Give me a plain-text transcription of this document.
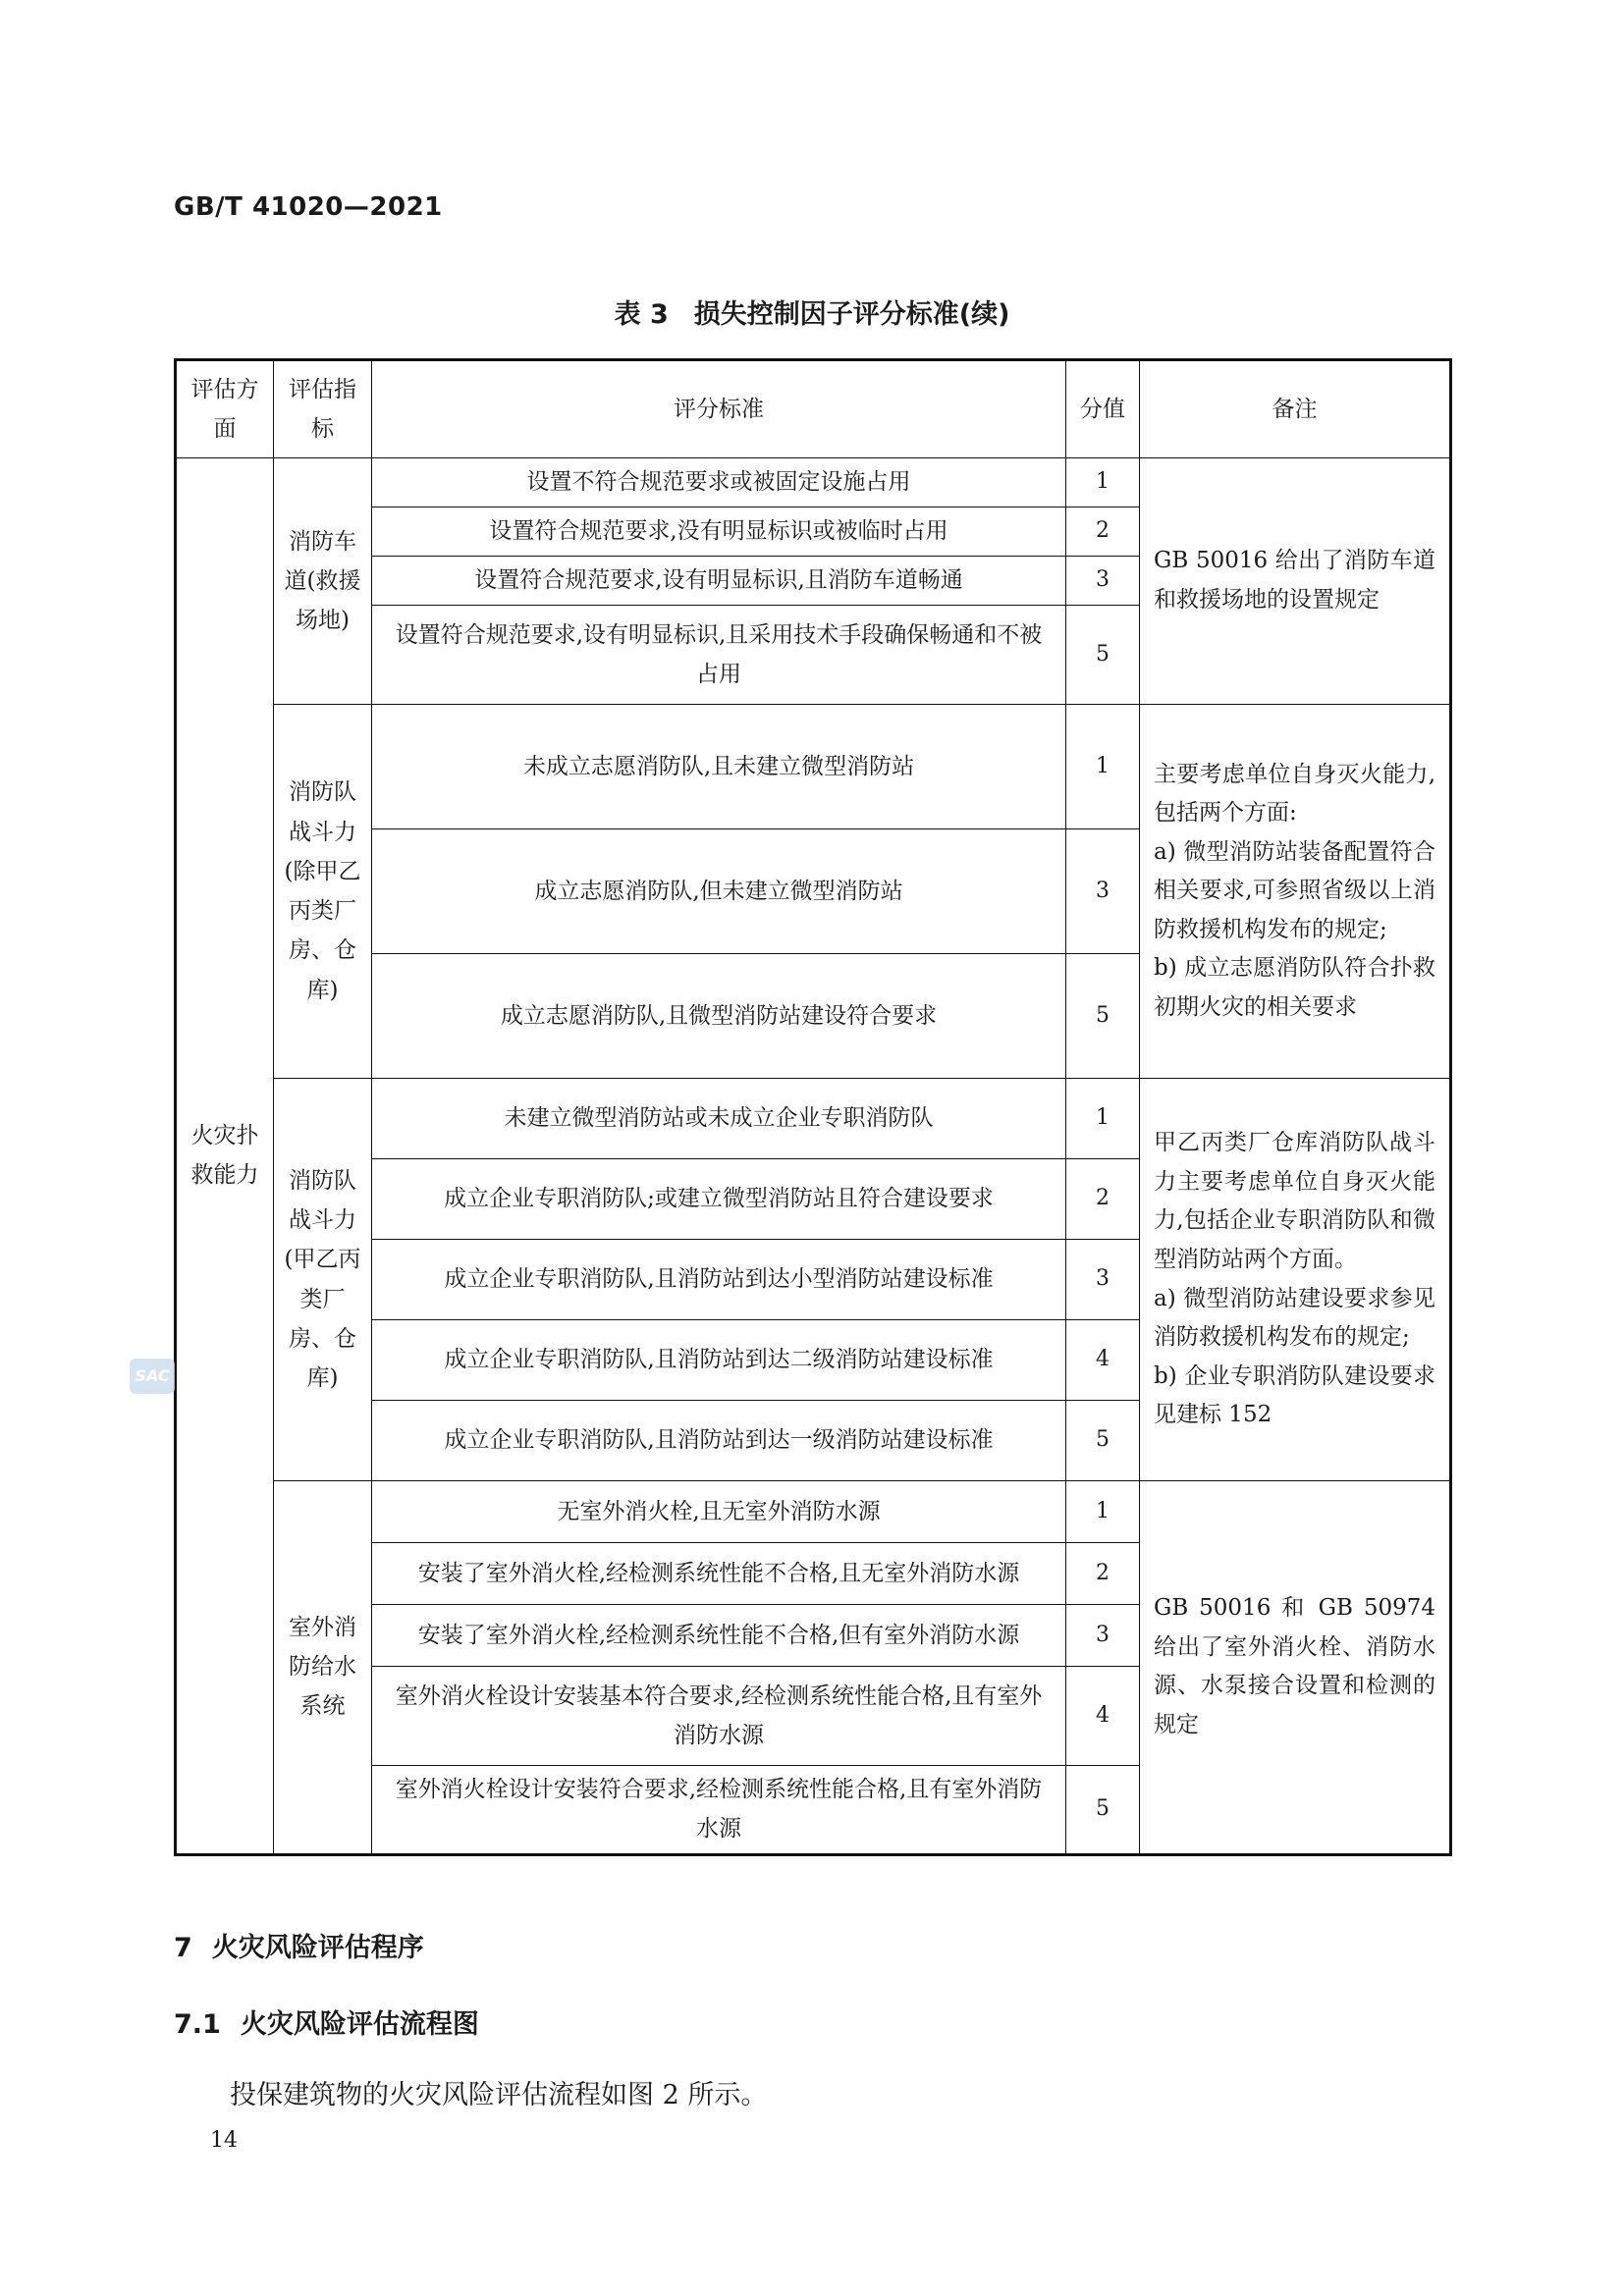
GB/T 41020—2021
表 3 损失控制因子评分标准(续)
评估方面	评估指标	评分标准	分值	备注
火灾扑救能力	消防车道(救援场地)	设置不符合规范要求或被固定设施占用	1	GB 50016 给出了消防车道和救援场地的设置规定

		设置符合规范要求,没有明显标识或被临时占用	2	
		设置符合规范要求,设有明显标识,且消防车道畅通	3	
		设置符合规范要求,设有明显标识,且采用技术手段确保畅通和不被占用	5	
	消防队战斗力(除甲乙丙类厂房、仓库)	未成立志愿消防队,且未建立微型消防站	1	主要考虑单位自身灭火能力,包括两个方面:
a) 微型消防站装备配置符合相关要求,可参照省级以上消防救援机构发布的规定;
b) 成立志愿消防队符合扑救初期火灾的相关要求

		成立志愿消防队,但未建立微型消防站	3	
		成立志愿消防队,且微型消防站建设符合要求	5	
	消防队战斗力(甲乙丙类厂房、仓库)	未建立微型消防站或未成立企业专职消防队	1	甲乙丙类厂仓库消防队战斗力主要考虑单位自身灭火能力,包括企业专职消防队和微型消防站两个方面。
a) 微型消防站建设要求参见消防救援机构发布的规定;
b) 企业专职消防队建设要求见建标 152

		成立企业专职消防队;或建立微型消防站且符合建设要求	2	
		成立企业专职消防队,且消防站到达小型消防站建设标准	3	
		成立企业专职消防队,且消防站到达二级消防站建设标准	4	
		成立企业专职消防队,且消防站到达一级消防站建设标准	5	
	室外消防给水系统	无室外消火栓,且无室外消防水源	1	GB 50016 和 GB 50974 给出了室外消火栓、消防水源、水泵接合设置和检测的规定

		安装了室外消火栓,经检测系统性能不合格,且无室外消防水源	2	
		安装了室外消火栓,经检测系统性能不合格,但有室外消防水源	3	
		室外消火栓设计安装基本符合要求,经检测系统性能合格,且有室外消防水源	4	
		室外消火栓设计安装符合要求,经检测系统性能合格,且有室外消防水源	5	
SAC
7 火灾风险评估程序
7.1 火灾风险评估流程图
投保建筑物的火灾风险评估流程如图 2 所示。
14
